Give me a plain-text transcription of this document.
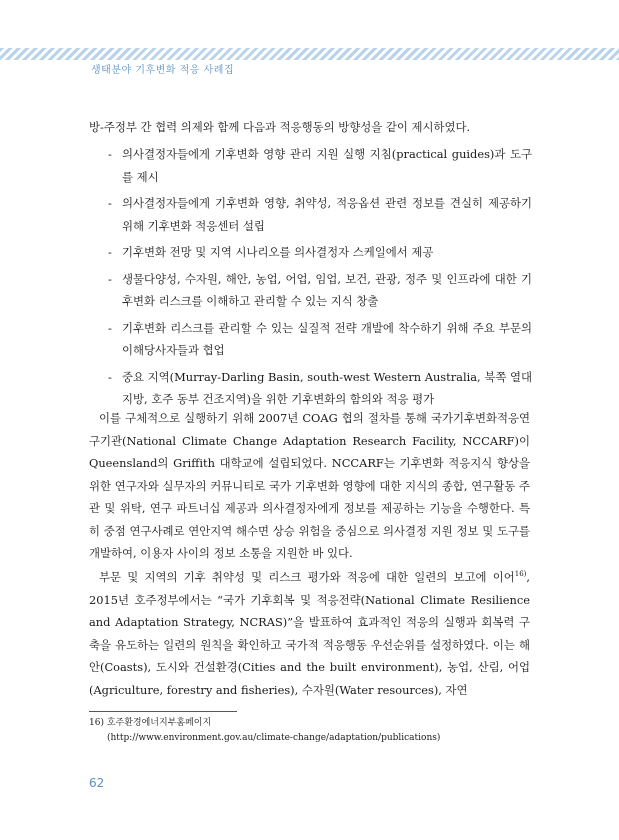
생태분야 기후변화 적응 사례집
방-주정부 간 협력 의제와 함께 다음과 적응행동의 방향성을 같이 제시하였다.
- 의사결정자들에게 기후변화 영향 관리 지원 실행 지침(practical guides)과 도구를 제시
- 의사결정자들에게 기후변화 영향, 취약성, 적응옵션 관련 정보를 견실히 제공하기 위해 기후변화 적응센터 설립
- 기후변화 전망 및 지역 시나리오를 의사결정자 스케일에서 제공
- 생물다양성, 수자원, 해안, 농업, 어업, 임업, 보건, 관광, 정주 및 인프라에 대한 기후변화 리스크를 이해하고 관리할 수 있는 지식 창출
- 기후변화 리스크를 관리할 수 있는 실질적 전략 개발에 착수하기 위해 주요 부문의 이해당사자들과 협업
- 중요 지역(Murray-Darling Basin, south-west Western Australia, 북쪽 열대지방, 호주 동부 건조지역)을 위한 기후변화의 함의와 적응 평가
이를 구체적으로 실행하기 위해 2007년 COAG 협의 절차를 통해 국가기후변화적응연구기관(National Climate Change Adaptation Research Facility, NCCARF)이 Queensland의 Griffith 대학교에 설립되었다. NCCARF는 기후변화 적응지식 향상을 위한 연구자와 실무자의 커뮤니티로 국가 기후변화 영향에 대한 지식의 종합, 연구활동 주관 및 위탁, 연구 파트너십 제공과 의사결정자에게 정보를 제공하는 기능을 수행한다. 특히 중점 연구사례로 연안지역 해수면 상승 위험을 중심으로 의사결정 지원 정보 및 도구를 개발하여, 이용자 사이의 정보 소통을 지원한 바 있다.
부문 및 지역의 기후 취약성 및 리스크 평가와 적응에 대한 일련의 보고에 이어$^{16)}$, 2015년 호주정부에서는 “국가 기후회복 및 적응전략(National Climate Resilience and Adaptation Strategy, NCRAS)”을 발표하여 효과적인 적응의 실행과 회복력 구축을 유도하는 일련의 원칙을 확인하고 국가적 적응행동 우선순위를 설정하였다. 이는 해안(Coasts), 도시와 건설환경(Cities and the built environment), 농업, 산림, 어업(Agriculture, forestry and fisheries), 수자원(Water resources), 자연
16) 호주환경에너지부홈페이지
(http://www.environment.gov.au/climate-change/adaptation/publications)
62
